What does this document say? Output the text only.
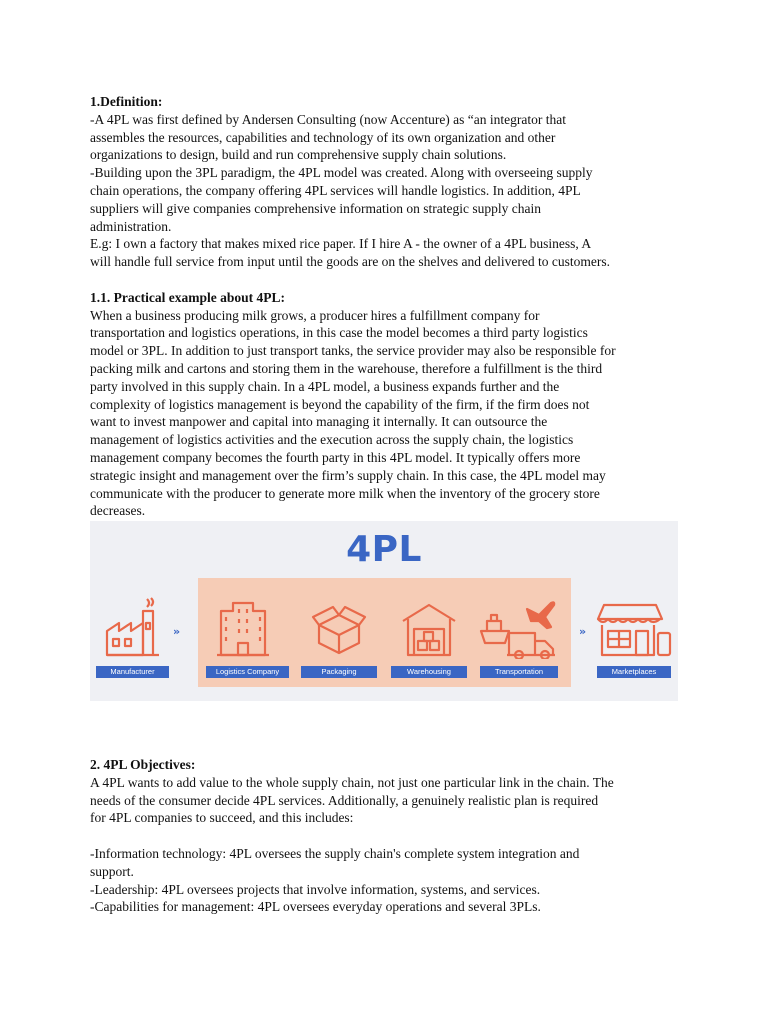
1.Definition:

-A 4PL was first defined by Andersen Consulting (now Accenture) as “an integrator that

assembles the resources, capabilities and technology of its own organization and other

organizations to design, build and run comprehensive supply chain solutions.

-Building upon the 3PL paradigm, the 4PL model was created. Along with overseeing supply

chain operations, the company offering 4PL services will handle logistics. In addition, 4PL

suppliers will give companies comprehensive information on strategic supply chain

administration.

E.g: I own a factory that makes mixed rice paper. If I hire A - the owner of a 4PL business, A

will handle full service from input until the goods are on the shelves and delivered to customers.

1.1. Practical example about 4PL:

When a business producing milk grows, a producer hires a fulfillment company for

transportation and logistics operations, in this case the model becomes a third party logistics

model or 3PL. In addition to just transport tanks, the service provider may also be responsible for

packing milk and cartons and storing them in the warehouse, therefore a fulfillment is the third

party involved in this supply chain. In a 4PL model, a business expands further and the

complexity of logistics management is beyond the capability of the firm, if the firm does not

want to invest manpower and capital into managing it internally. It can outsource the

management of logistics activities and the execution across the supply chain, the logistics

management company becomes the fourth party in this 4PL model. It typically offers more

strategic insight and management over the firm’s supply chain. In this case, the 4PL model may

communicate with the producer to generate more milk when the inventory of the grocery store

decreases.

4PL
»
Manufacturer	Logistics Company	Packaging	Warehousing	Transportation
»
Marketplaces

2. 4PL Objectives:

A 4PL wants to add value to the whole supply chain, not just one particular link in the chain. The

needs of the consumer decide 4PL services. Additionally, a genuinely realistic plan is required

for 4PL companies to succeed, and this includes:

-Information technology: 4PL oversees the supply chain's complete system integration and

support.

-Leadership: 4PL oversees projects that involve information, systems, and services.

-Capabilities for management: 4PL oversees everyday operations and several 3PLs.
